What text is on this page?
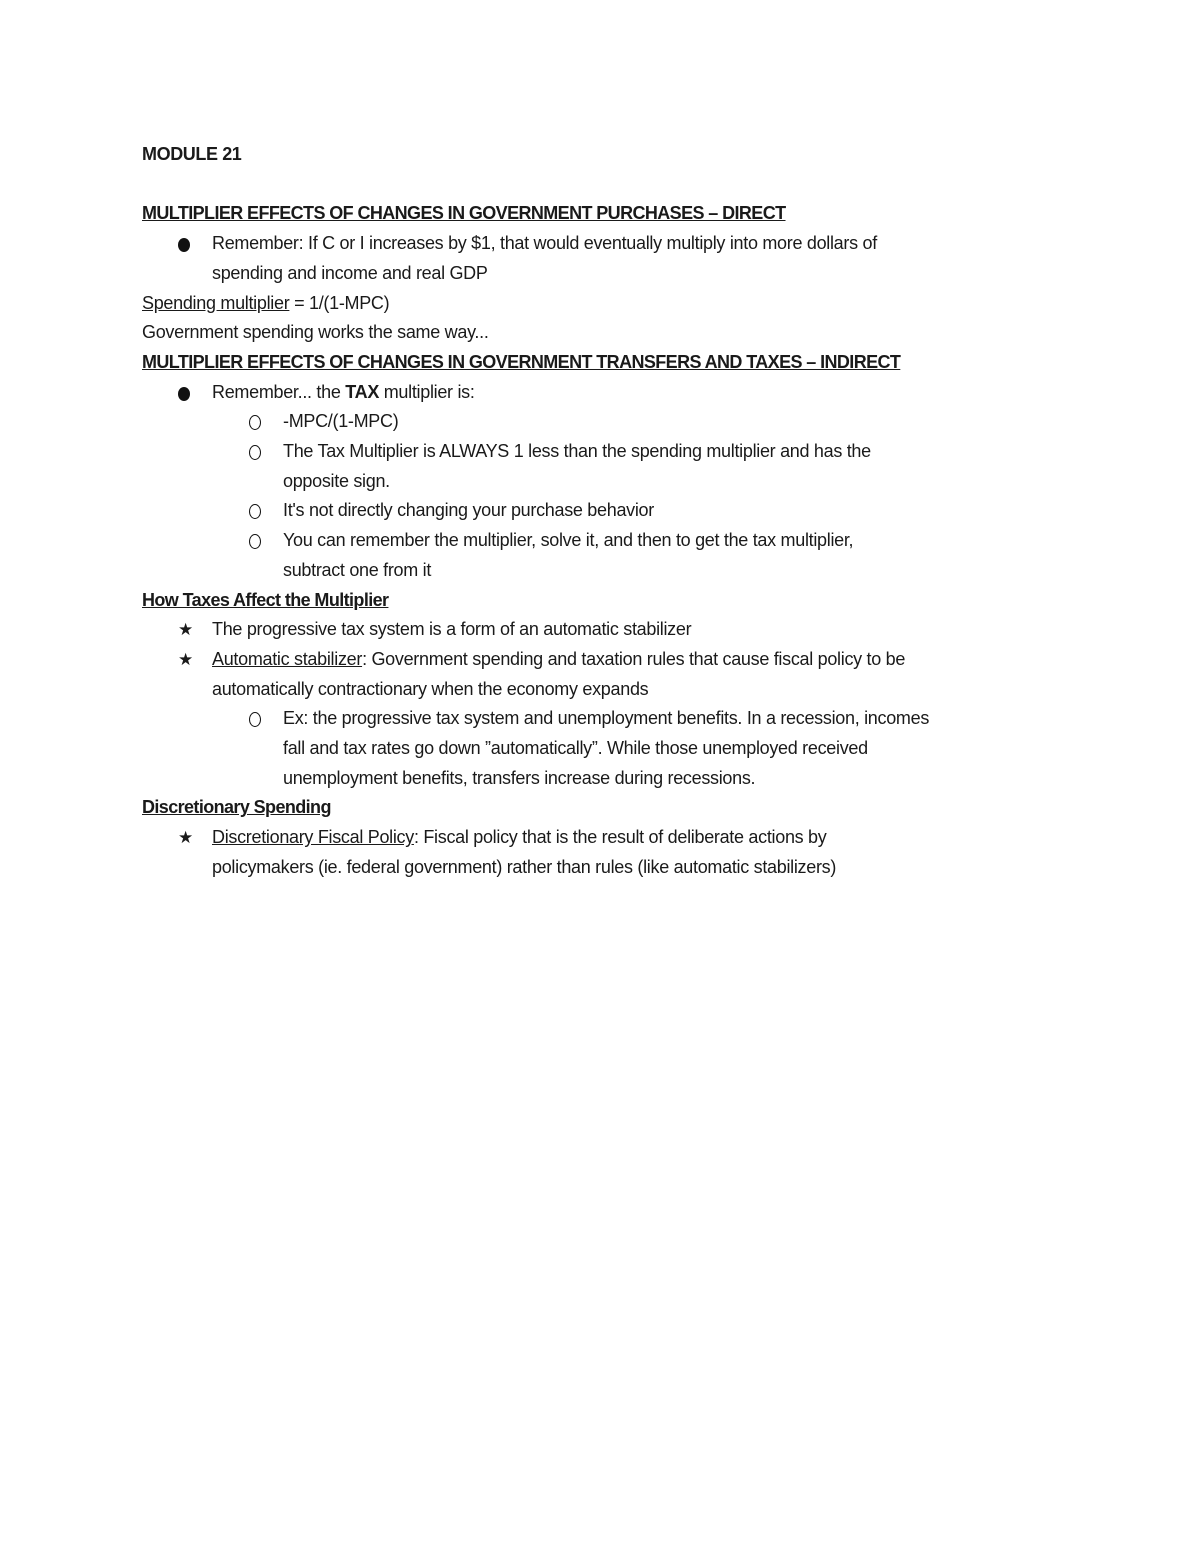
MODULE 21
MULTIPLIER EFFECTS OF CHANGES IN GOVERNMENT PURCHASES – DIRECT
Remember: If C or I increases by $1, that would eventually multiply into more dollars of
spending and income and real GDP
Spending multiplier = 1/(1-MPC)
Government spending works the same way...
MULTIPLIER EFFECTS OF CHANGES IN GOVERNMENT TRANSFERS AND TAXES – INDIRECT
Remember... the TAX multiplier is:
-MPC/(1-MPC)
The Tax Multiplier is ALWAYS 1 less than the spending multiplier and has the
opposite sign.
It's not directly changing your purchase behavior
You can remember the multiplier, solve it, and then to get the tax multiplier,
subtract one from it
How Taxes Affect the Multiplier
★ The progressive tax system is a form of an automatic stabilizer
★ Automatic stabilizer: Government spending and taxation rules that cause fiscal policy to be
automatically contractionary when the economy expands
Ex: the progressive tax system and unemployment benefits. In a recession, incomes
fall and tax rates go down ”automatically”. While those unemployed received
unemployment benefits, transfers increase during recessions.
Discretionary Spending
★ Discretionary Fiscal Policy: Fiscal policy that is the result of deliberate actions by
policymakers (ie. federal government) rather than rules (like automatic stabilizers)
